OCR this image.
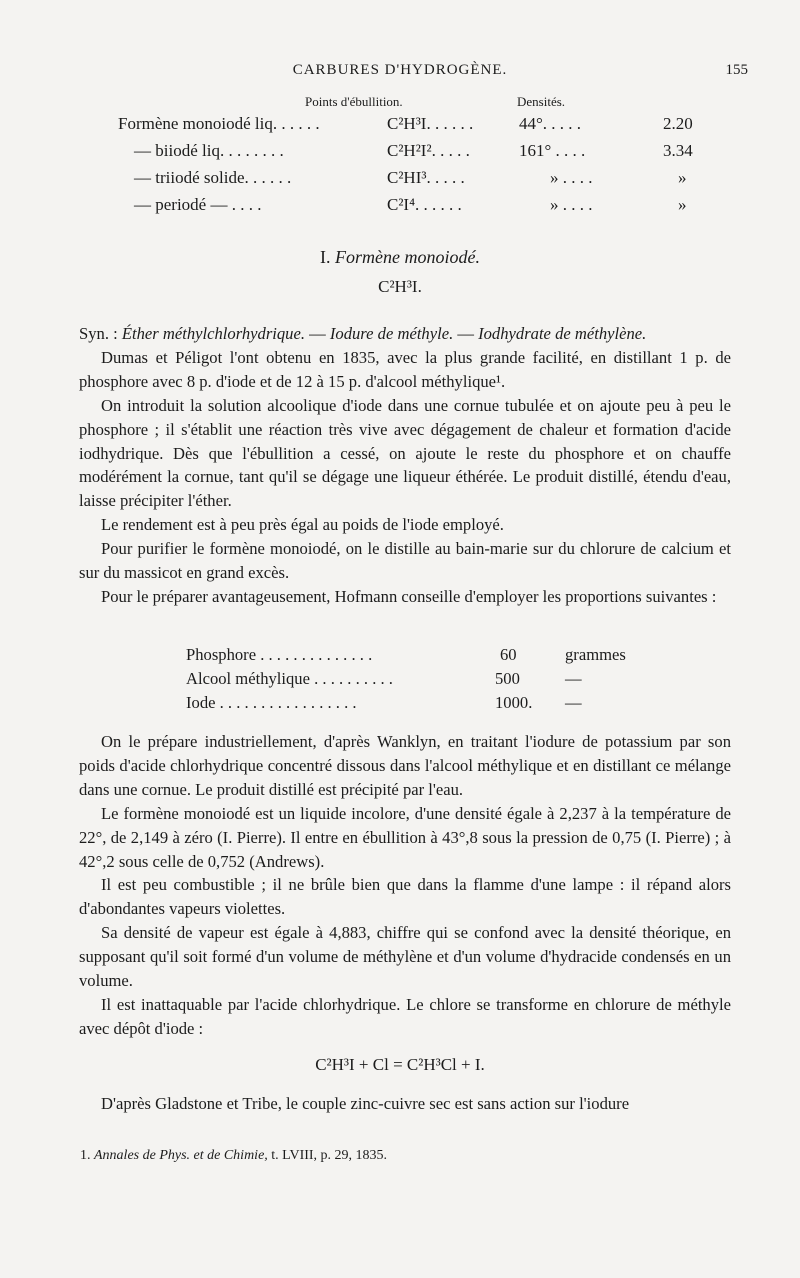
CARBURES D'HYDROGÈNE.	155
Points d'ébullition.	Densités.
Formène monoiodé liq. . . . . .	C²H³I. . . . . .	44°. . . . .	2.20
— biiodé liq. . . . . . . .	C²H²I². . . . .	161° . . . .	3.34
— triiodé solide. . . . . .	C²HI³. . . . .	» . . . .	»
— periodé — . . . .	C²I⁴. . . . . .	» . . . .	»
I. Formène monoiodé.
C²H³I.

Syn. : Éther méthylchlorhydrique. — Iodure de méthyle. — Iodhydrate de méthylène.

Dumas et Péligot l'ont obtenu en 1835, avec la plus grande facilité, en distillant 1 p. de phosphore avec 8 p. d'iode et de 12 à 15 p. d'alcool méthylique¹.

On introduit la solution alcoolique d'iode dans une cornue tubulée et on ajoute peu à peu le phosphore ; il s'établit une réaction très vive avec dégagement de chaleur et formation d'acide iodhydrique. Dès que l'ébullition a cessé, on ajoute le reste du phosphore et on chauffe modérément la cornue, tant qu'il se dégage une liqueur éthérée. Le produit distillé, étendu d'eau, laisse précipiter l'éther.

Le rendement est à peu près égal au poids de l'iode employé.

Pour purifier le formène monoiodé, on le distille au bain-marie sur du chlorure de calcium et sur du massicot en grand excès.

Pour le préparer avantageusement, Hofmann conseille d'employer les proportions suivantes :

Phosphore . . . . . . . . . . . . . .	60	grammes
Alcool méthylique . . . . . . . . . .	500	—
Iode . . . . . . . . . . . . . . . . .	1000. —

On le prépare industriellement, d'après Wanklyn, en traitant l'iodure de potassium par son poids d'acide chlorhydrique concentré dissous dans l'alcool méthylique et en distillant ce mélange dans une cornue. Le produit distillé est précipité par l'eau.

Le formène monoiodé est un liquide incolore, d'une densité égale à 2,237 à la température de 22°, de 2,149 à zéro (I. Pierre). Il entre en ébullition à 43°,8 sous la pression de 0,75 (I. Pierre) ; à 42°,2 sous celle de 0,752 (Andrews).

Il est peu combustible ; il ne brûle bien que dans la flamme d'une lampe : il répand alors d'abondantes vapeurs violettes.

Sa densité de vapeur est égale à 4,883, chiffre qui se confond avec la densité théorique, en supposant qu'il soit formé d'un volume de méthylène et d'un volume d'hydracide condensés en un volume.

Il est inattaquable par l'acide chlorhydrique. Le chlore se transforme en chlorure de méthyle avec dépôt d'iode :

C²H³I + Cl = C²H³Cl + I.

D'après Gladstone et Tribe, le couple zinc-cuivre sec est sans action sur l'iodure

1. Annales de Phys. et de Chimie, t. LVIII, p. 29, 1835.
